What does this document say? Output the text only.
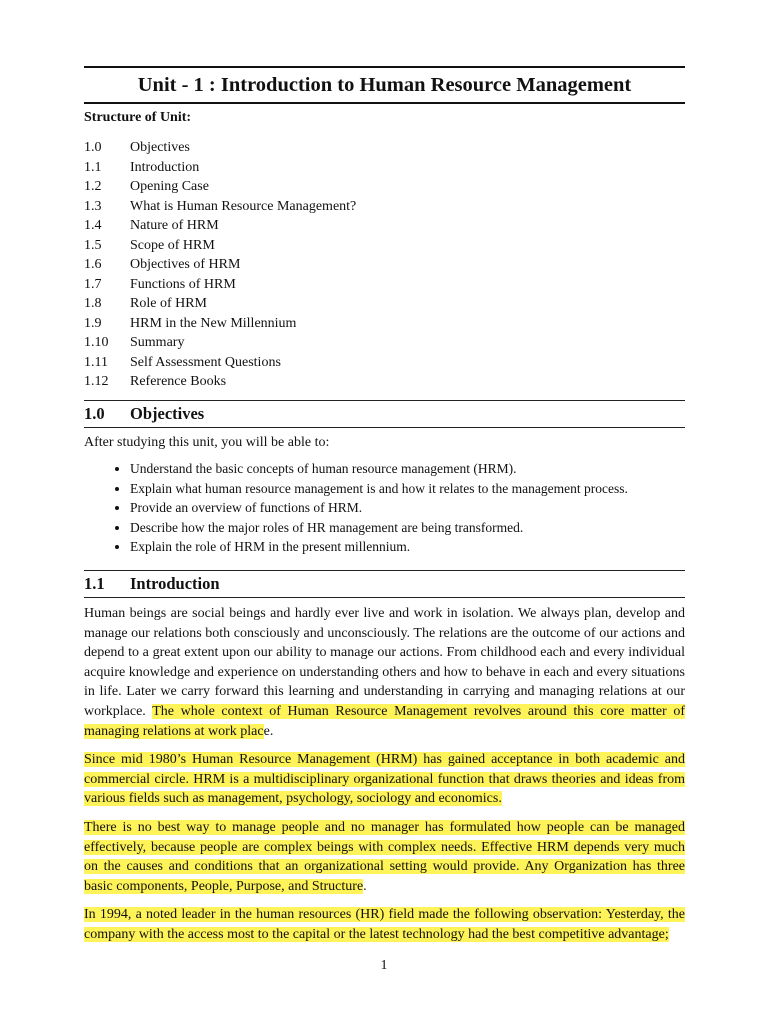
Unit - 1 : Introduction to Human Resource Management
Structure of Unit:
1.0	Objectives
1.1	Introduction
1.2	Opening Case
1.3	What is Human Resource Management?
1.4	Nature of HRM
1.5	Scope of HRM
1.6	Objectives of HRM
1.7	Functions of HRM
1.8	Role of HRM
1.9	HRM in the New Millennium
1.10	Summary
1.11	Self Assessment Questions
1.12	Reference Books
1.0	Objectives
After studying this unit, you will be able to:
• Understand the basic concepts of human resource management (HRM).
• Explain what human resource management is and how it relates to the management process.
• Provide an overview of functions of HRM.
• Describe how the major roles of HR management are being transformed.
• Explain the role of HRM in the present millennium.
1.1	Introduction

Human beings are social beings and hardly ever live and work in isolation. We always plan, develop and manage our relations both consciously and unconsciously. The relations are the outcome of our actions and depend to a great extent upon our ability to manage our actions. From childhood each and every individual acquire knowledge and experience on understanding others and how to behave in each and every situations in life. Later we carry forward this learning and understanding in carrying and managing relations at our workplace. The whole context of Human Resource Management revolves around this core matter of managing relations at work place.

Since mid 1980’s Human Resource Management (HRM) has gained acceptance in both academic and commercial circle. HRM is a multidisciplinary organizational function that draws theories and ideas from various fields such as management, psychology, sociology and economics.

There is no best way to manage people and no manager has formulated how people can be managed effectively, because people are complex beings with complex needs. Effective HRM depends very much on the causes and conditions that an organizational setting would provide. Any Organization has three basic components, People, Purpose, and Structure.

In 1994, a noted leader in the human resources (HR) field made the following observation: Yesterday, the company with the access most to the capital or the latest technology had the best competitive advantage;

1
